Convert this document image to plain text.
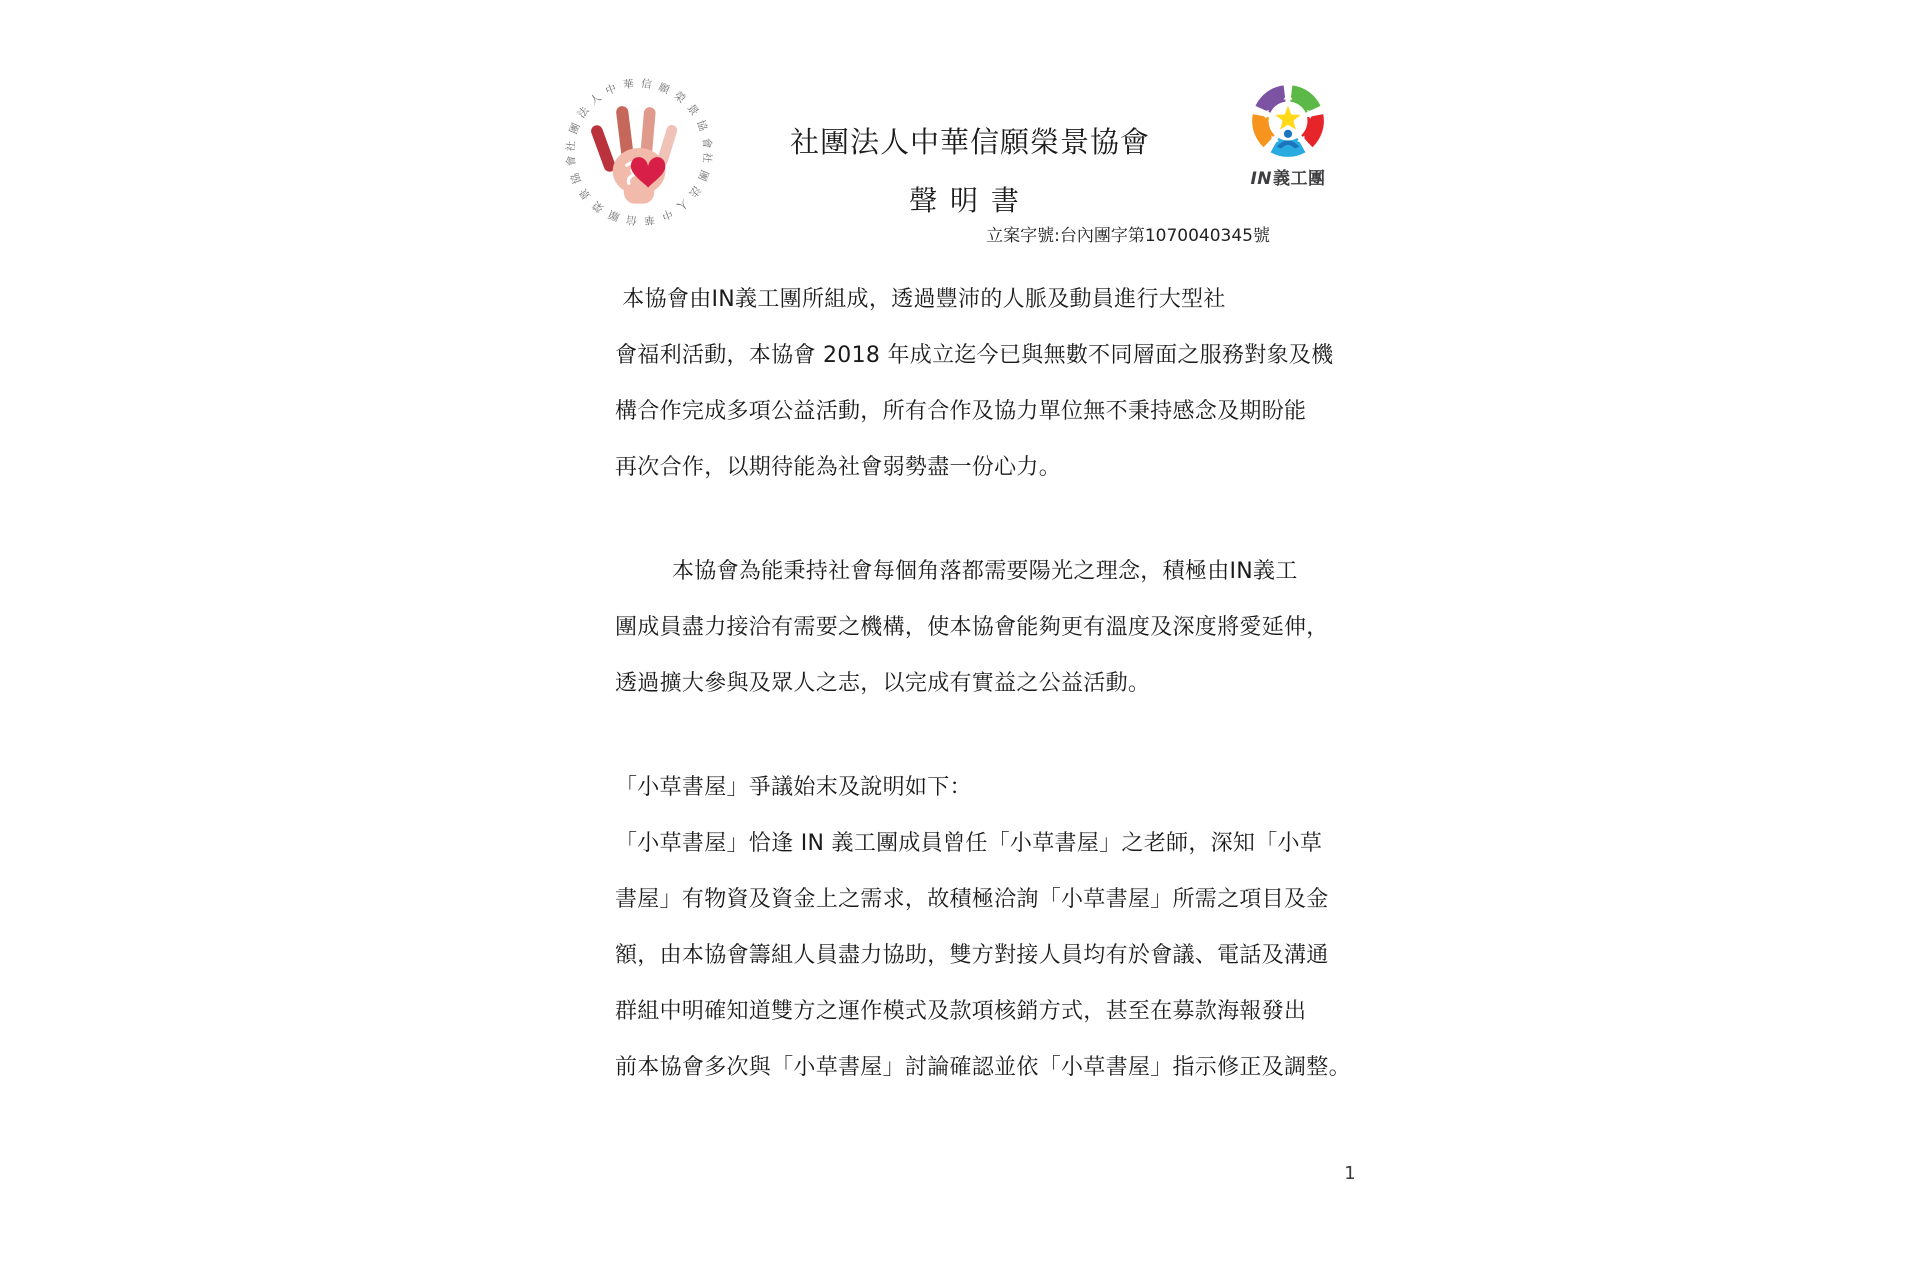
社團法人中華信願榮景協會 社團法人中華信願榮景協會	社團法人中華信願榮景協會
聲 明 書
立案字號:台內團字第1070040345號
IN義工團
本協會由IN義工團所組成，透過豐沛的人脈及動員進行大型社
會福利活動，本協會 2018 年成立迄今已與無數不同層面之服務對象及機
構合作完成多項公益活動，所有合作及協力單位無不秉持感念及期盼能
再次合作，以期待能為社會弱勢盡一份心力。
本協會為能秉持社會每個角落都需要陽光之理念，積極由IN義工
團成員盡力接洽有需要之機構，使本協會能夠更有溫度及深度將愛延伸，
透過擴大參與及眾人之志，以完成有實益之公益活動。
「小草書屋」爭議始末及說明如下：
「小草書屋」恰逢 IN 義工團成員曾任「小草書屋」之老師，深知「小草
書屋」有物資及資金上之需求，故積極洽詢「小草書屋」所需之項目及金
額，由本協會籌組人員盡力協助，雙方對接人員均有於會議、電話及溝通
群組中明確知道雙方之運作模式及款項核銷方式，甚至在募款海報發出
前本協會多次與「小草書屋」討論確認並依「小草書屋」指示修正及調整。
1
